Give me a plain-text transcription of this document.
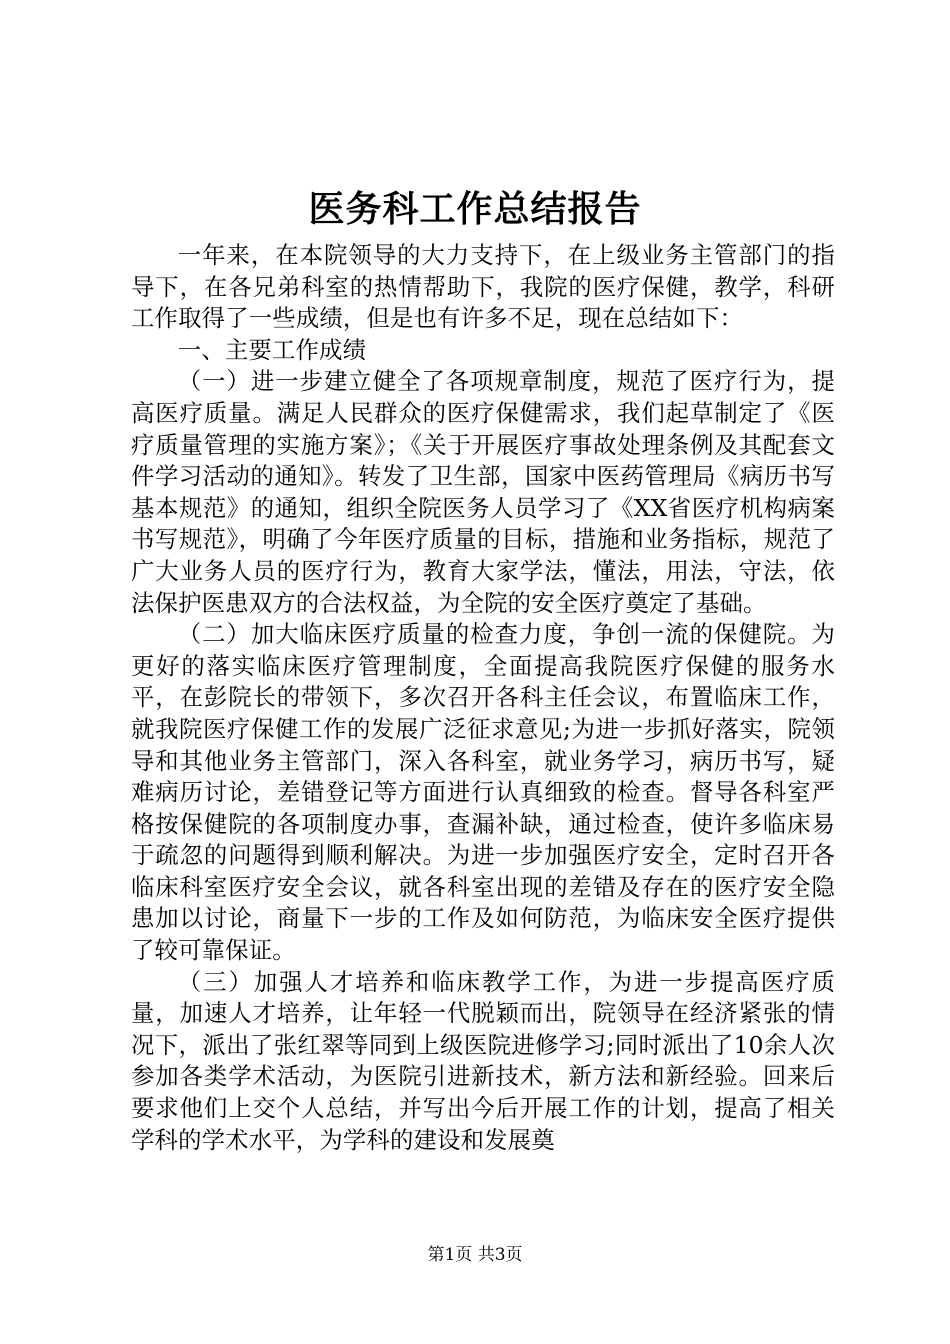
医务科工作总结报告

一年来，在本院领导的大力支持下，在上级业务主管部门的指导下，在各兄弟科室的热情帮助下，我院的医疗保健，教学，科研工作取得了一些成绩，但是也有许多不足，现在总结如下：

一、主要工作成绩

（一）进一步建立健全了各项规章制度，规范了医疗行为，提高医疗质量。满足人民群众的医疗保健需求，我们起草制定了《医疗质量管理的实施方案》；《关于开展医疗事故处理条例及其配套文件学习活动的通知》。转发了卫生部，国家中医药管理局《病历书写基本规范》的通知，组织全院医务人员学习了《XX省医疗机构病案书写规范》，明确了今年医疗质量的目标，措施和业务指标，规范了广大业务人员的医疗行为，教育大家学法，懂法，用法，守法，依法保护医患双方的合法权益，为全院的安全医疗奠定了基础。

（二）加大临床医疗质量的检查力度，争创一流的保健院。为更好的落实临床医疗管理制度，全面提高我院医疗保健的服务水平，在彭院长的带领下，多次召开各科主任会议，布置临床工作，就我院医疗保健工作的发展广泛征求意见;为进一步抓好落实，院领导和其他业务主管部门，深入各科室，就业务学习，病历书写，疑难病历讨论，差错登记等方面进行认真细致的检查。督导各科室严格按保健院的各项制度办事，查漏补缺，通过检查，使许多临床易于疏忽的问题得到顺利解决。为进一步加强医疗安全，定时召开各临床科室医疗安全会议，就各科室出现的差错及存在的医疗安全隐患加以讨论，商量下一步的工作及如何防范，为临床安全医疗提供了较可靠保证。

（三）加强人才培养和临床教学工作，为进一步提高医疗质量，加速人才培养，让年轻一代脱颖而出，院领导在经济紧张的情况下，派出了张红翠等同到上级医院进修学习;同时派出了10余人次参加各类学术活动，为医院引进新技术，新方法和新经验。回来后要求他们上交个人总结，并写出今后开展工作的计划，提高了相关学科的学术水平，为学科的建设和发展奠

第1页 共3页
